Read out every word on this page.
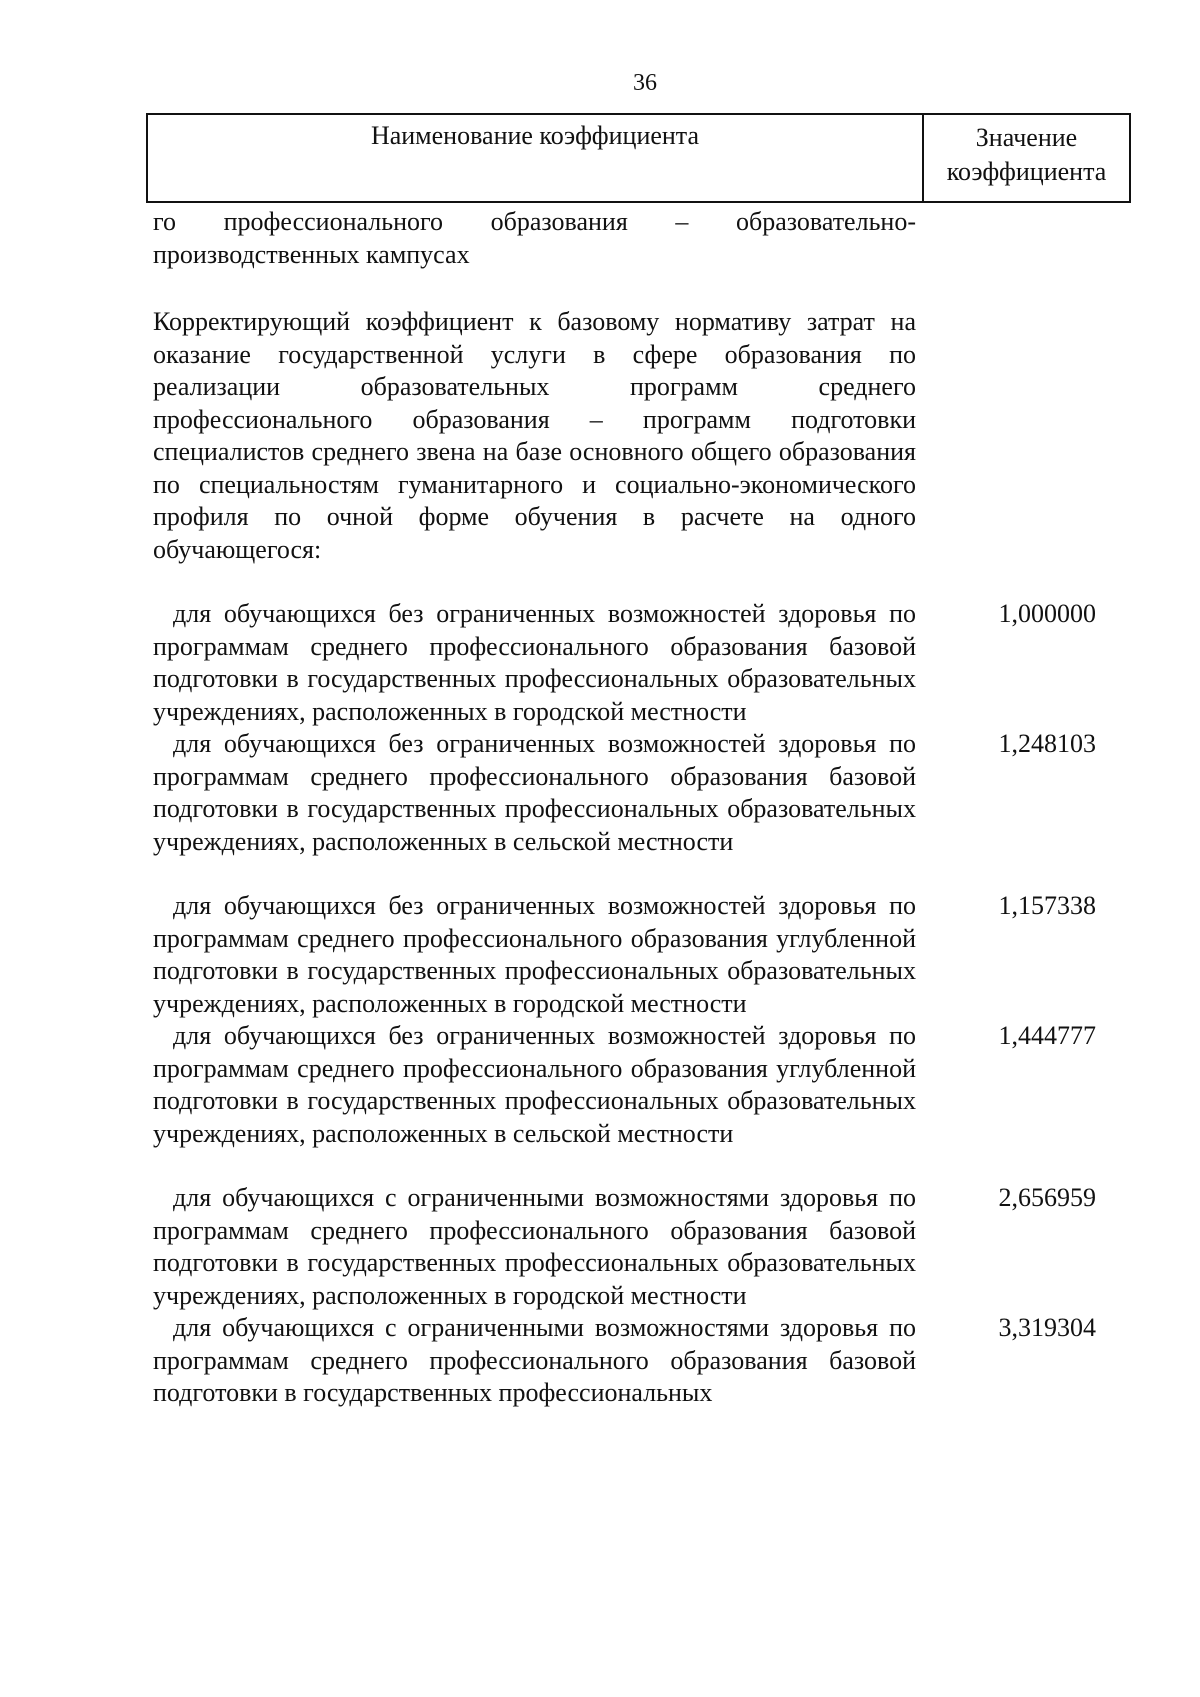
36
Наименование коэффициента	Значение
коэффициента
го профессионального образования – образовательно-
производственных кампусах
Корректирующий коэффициент к базовому нормативу затрат на оказание государственной услуги в сфере образования по реализации образовательных программ среднего профессионального образования – программ подготовки специалистов среднего звена на базе основного общего образования по специальностям гуманитарного и социально-экономического профиля по очной форме обучения в расчете на одного обучающегося:
для обучающихся без ограниченных возможностей здоровья по программам среднего профессионального образования базовой подготовки в государственных профессиональных образовательных учреждениях, расположенных в городской местности
1,000000
для обучающихся без ограниченных возможностей здоровья по программам среднего профессионального образования базовой подготовки в государственных профессиональных образовательных учреждениях, расположенных в сельской местности
1,248103
для обучающихся без ограниченных возможностей здоровья по программам среднего профессионального образования углубленной подготовки в государственных профессиональных образовательных учреждениях, расположенных в городской местности
1,157338
для обучающихся без ограниченных возможностей здоровья по программам среднего профессионального образования углубленной подготовки в государственных профессиональных образовательных учреждениях, расположенных в сельской местности
1,444777
для обучающихся с ограниченными возможностями здоровья по программам среднего профессионального образования базовой подготовки в государственных профессиональных образовательных учреждениях, расположенных в городской местности
2,656959
для обучающихся с ограниченными возможностями здоровья по программам среднего профессионального образования базовой подготовки в государственных профессиональных
3,319304
